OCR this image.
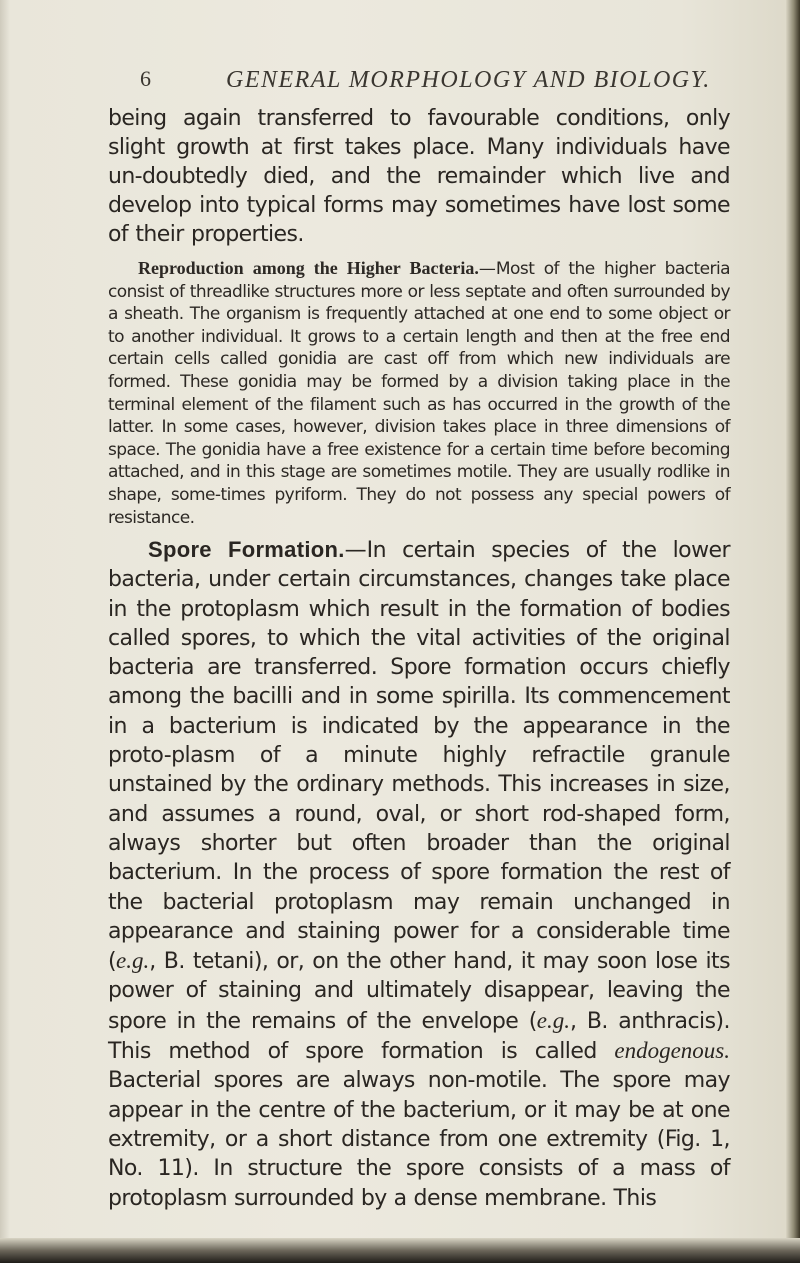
6	GENERAL MORPHOLOGY AND BIOLOGY.

being again transferred to favourable conditions, only slight growth at first takes place. Many individuals have un-doubtedly died, and the remainder which live and develop into typical forms may sometimes have lost some of their properties.

Reproduction among the Higher Bacteria.—Most of the higher bacteria consist of threadlike structures more or less septate and often surrounded by a sheath. The organism is frequently attached at one end to some object or to another individual. It grows to a certain length and then at the free end certain cells called gonidia are cast off from which new individuals are formed. These gonidia may be formed by a division taking place in the terminal element of the filament such as has occurred in the growth of the latter. In some cases, however, division takes place in three dimensions of space. The gonidia have a free existence for a certain time before becoming attached, and in this stage are sometimes motile. They are usually rodlike in shape, some-times pyriform. They do not possess any special powers of resistance.

Spore Formation.—In certain species of the lower bacteria, under certain circumstances, changes take place in the protoplasm which result in the formation of bodies called spores, to which the vital activities of the original bacteria are transferred. Spore formation occurs chiefly among the bacilli and in some spirilla. Its commencement in a bacterium is indicated by the appearance in the proto-plasm of a minute highly refractile granule unstained by the ordinary methods. This increases in size, and assumes a round, oval, or short rod-shaped form, always shorter but often broader than the original bacterium. In the process of spore formation the rest of the bacterial protoplasm may remain unchanged in appearance and staining power for a considerable time (e.g., B. tetani), or, on the other hand, it may soon lose its power of staining and ultimately disappear, leaving the spore in the remains of the envelope (e.g., B. anthracis). This method of spore formation is called endogenous. Bacterial spores are always non-motile. The spore may appear in the centre of the bacterium, or it may be at one extremity, or a short distance from one extremity (Fig. 1, No. 11). In structure the spore consists of a mass of protoplasm surrounded by a dense membrane. This
